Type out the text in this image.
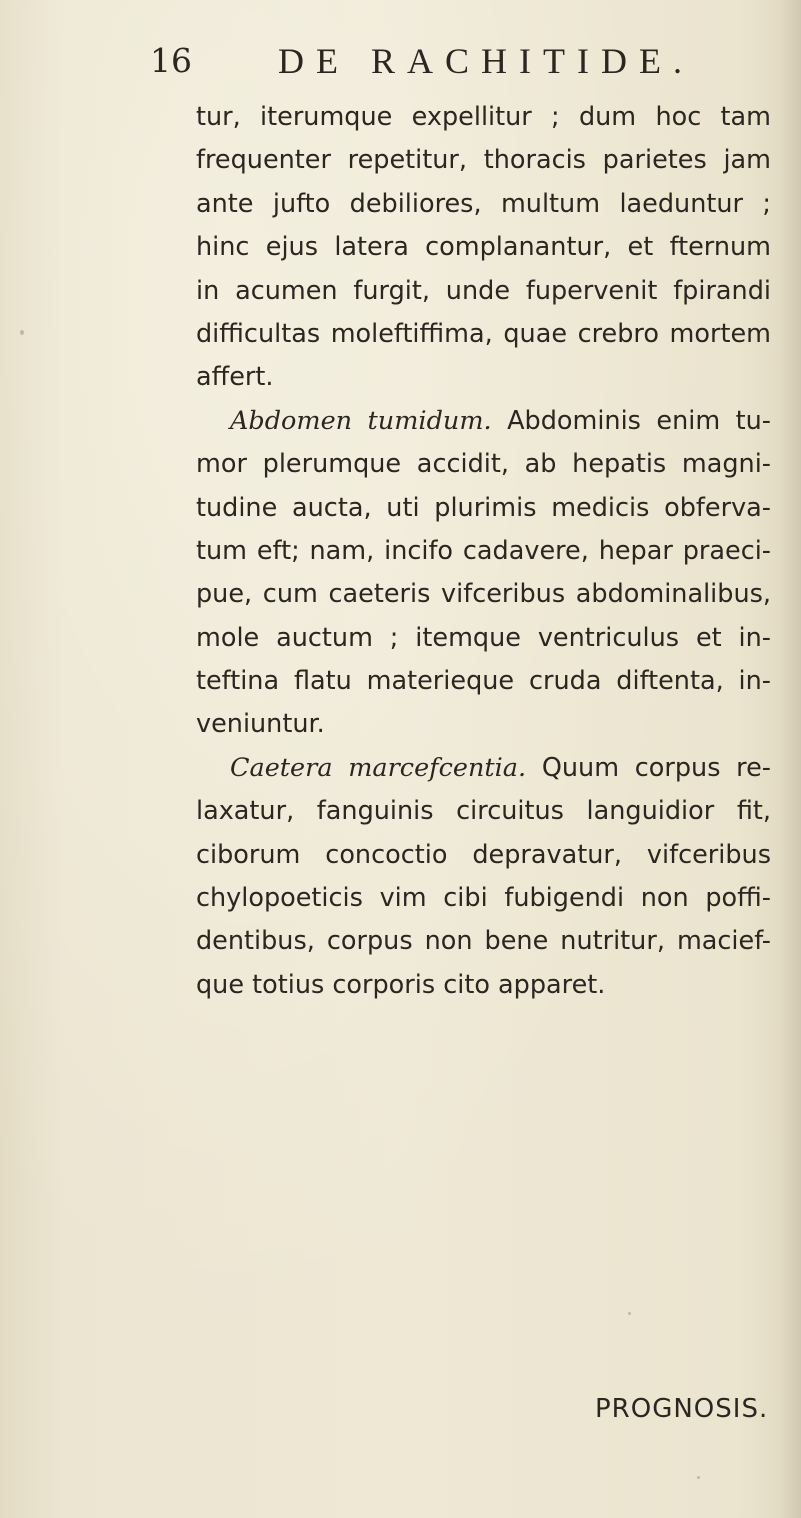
16 DE RACHITIDE.
tur, iterumque expellitur ; dum hoc tam
frequenter repetitur, thoracis parietes jam
ante jufto debiliores, multum laeduntur ;
hinc ejus latera complanantur, et fternum
in acumen furgit, unde fupervenit fpirandi
difficultas moleftiffima, quae crebro mortem
affert.
Abdomen tumidum. Abdominis enim tu-
mor plerumque accidit, ab hepatis magni-
tudine aucta, uti plurimis medicis obferva-
tum eft; nam, incifo cadavere, hepar praeci-
pue, cum caeteris vifceribus abdominalibus,
mole auctum ; itemque ventriculus et in-
teftina flatu materieque cruda diftenta, in-
veniuntur.
Caetera marcefcentia. Quum corpus re-
laxatur, fanguinis circuitus languidior fit,
ciborum concoctio depravatur, vifceribus
chylopoeticis vim cibi fubigendi non poffi-
dentibus, corpus non bene nutritur, macief-
que totius corporis cito apparet.
PROGNOSIS.
